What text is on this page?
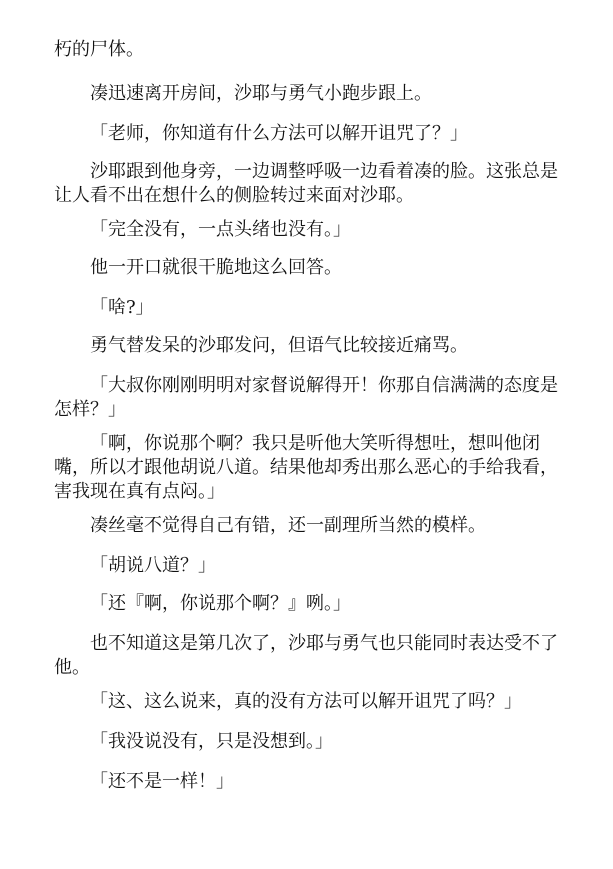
朽的尸体。

凑迅速离开房间，沙耶与勇气小跑步跟上。

「老师，你知道有什么方法可以解开诅咒了？」

沙耶跟到他身旁，一边调整呼吸一边看着凑的脸。这张总是让人看不出在想什么的侧脸转过来面对沙耶。

「完全没有，一点头绪也没有。」

他一开口就很干脆地这么回答。

「啥?」

勇气替发呆的沙耶发问，但语气比较接近痛骂。

「大叔你刚刚明明对家督说解得开！你那自信满满的态度是怎样？」

「啊，你说那个啊？我只是听他大笑听得想吐，想叫他闭嘴，所以才跟他胡说八道。结果他却秀出那么恶心的手给我看，害我现在真有点闷。」

凑丝毫不觉得自己有错，还一副理所当然的模样。

「胡说八道？」

「还『啊，你说那个啊？』咧。」

也不知道这是第几次了，沙耶与勇气也只能同时表达受不了他。

「这、这么说来，真的没有方法可以解开诅咒了吗？」

「我没说没有，只是没想到。」

「还不是一样！」
